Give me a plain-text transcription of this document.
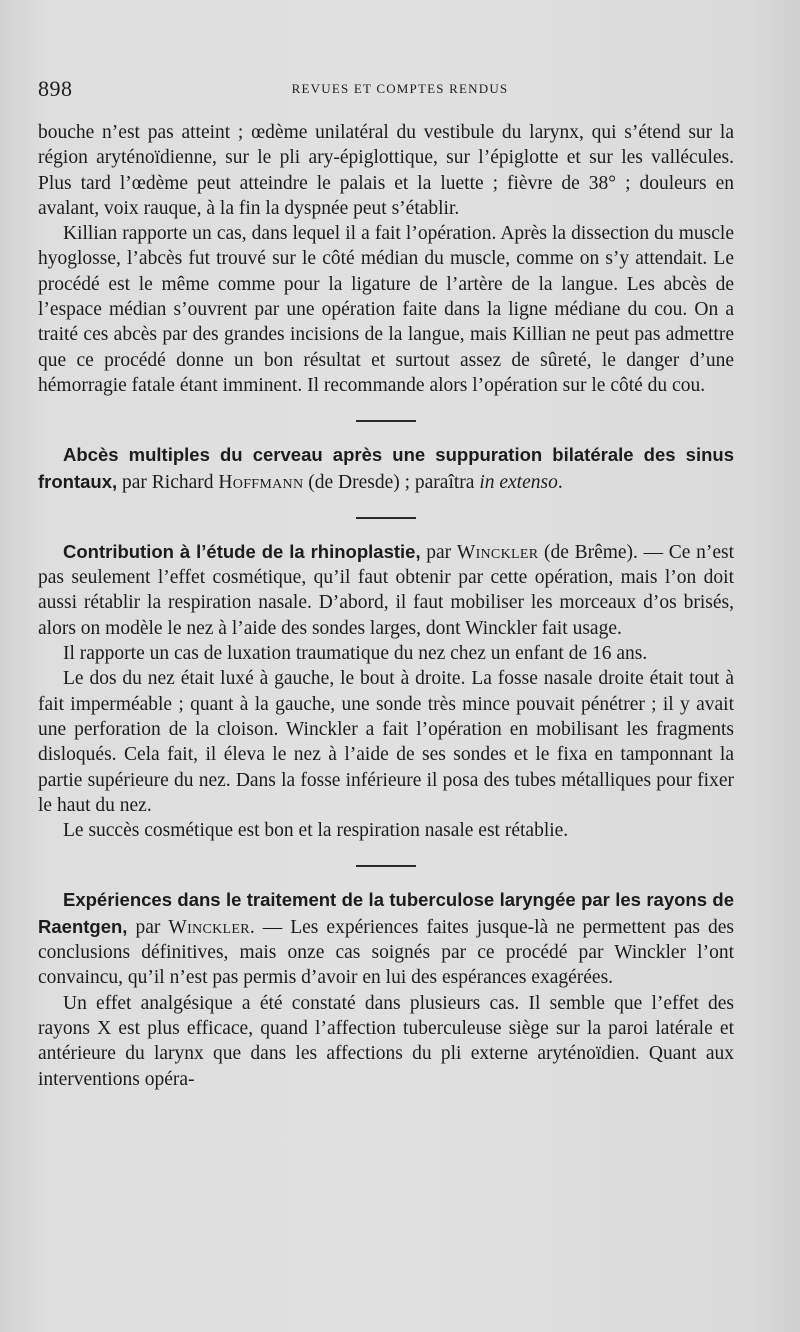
898	REVUES ET COMPTES RENDUS

bouche n’est pas atteint ; œdème unilatéral du vestibule du larynx, qui s’étend sur la région aryténoïdienne, sur le pli ary-épiglottique, sur l’épiglotte et sur les vallécules. Plus tard l’œdème peut atteindre le palais et la luette ; fièvre de 38° ; douleurs en avalant, voix rauque, à la fin la dyspnée peut s’établir.

Killian rapporte un cas, dans lequel il a fait l’opération. Après la dissection du muscle hyoglosse, l’abcès fut trouvé sur le côté médian du muscle, comme on s’y attendait. Le procédé est le même comme pour la ligature de l’artère de la langue. Les abcès de l’espace médian s’ouvrent par une opération faite dans la ligne médiane du cou. On a traité ces abcès par des grandes incisions de la langue, mais Killian ne peut pas admettre que ce procédé donne un bon résultat et surtout assez de sûreté, le danger d’une hémorragie fatale étant imminent. Il recommande alors l’opération sur le côté du cou.

Abcès multiples du cerveau après une suppuration bilatérale des sinus frontaux, par Richard Hoffmann (de Dresde) ; paraîtra in extenso.

Contribution à l’étude de la rhinoplastie, par Winckler (de Brême). — Ce n’est pas seulement l’effet cosmétique, qu’il faut obtenir par cette opération, mais l’on doit aussi rétablir la respiration nasale. D’abord, il faut mobiliser les morceaux d’os brisés, alors on modèle le nez à l’aide des sondes larges, dont Winckler fait usage.

Il rapporte un cas de luxation traumatique du nez chez un enfant de 16 ans.

Le dos du nez était luxé à gauche, le bout à droite. La fosse nasale droite était tout à fait imperméable ; quant à la gauche, une sonde très mince pouvait pénétrer ; il y avait une perforation de la cloison. Winckler a fait l’opération en mobilisant les fragments disloqués. Cela fait, il éleva le nez à l’aide de ses sondes et le fixa en tamponnant la partie supérieure du nez. Dans la fosse inférieure il posa des tubes métalliques pour fixer le haut du nez.

Le succès cosmétique est bon et la respiration nasale est rétablie.

Expériences dans le traitement de la tuberculose laryngée par les rayons de Raentgen, par Winckler. — Les expériences faites jusque-là ne permettent pas des conclusions définitives, mais onze cas soignés par ce procédé par Winckler l’ont convaincu, qu’il n’est pas permis d’avoir en lui des espérances exagérées.

Un effet analgésique a été constaté dans plusieurs cas. Il semble que l’effet des rayons X est plus efficace, quand l’affection tuberculeuse siège sur la paroi latérale et antérieure du larynx que dans les affections du pli externe aryténoïdien. Quant aux interventions opéra-
